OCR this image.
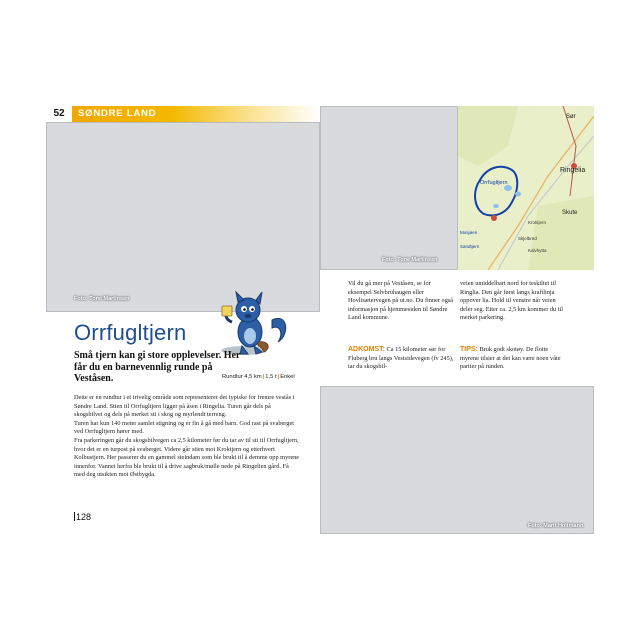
52	SØNDRE LAND
Foto: Tone Martinsen
Orrfugltjern
Små tjern kan gi store opplevelser. Her får du en barnevennlig runde på Veståsen.	Rundtur 4,5 km|1,5 t|Enkel

Dette er en rundtur i et trivelig område som representerer det typiske for fremre vestås i Søndre Land. Stien til Orrfugltjern ligger på åsen i Ringelia. Turen går dels på skogsbilvei og dels på merket sti i skog og myrlendt terreng.

Turen har kun 140 meter samlet stigning og er fin å gå med barn. God rast på svaberget ved Orrfugltjern hører med.

Fra parkeringen går du skogsbilvegen ca 2,5 kilometer før du tar av til sti til Orrfugltjern, hvor det er en turpost på svaberget. Videre går stien mot Kroktjern og etterhvert Kolbustjern. Her passerer du en gammel steindam som ble brukt til å demme opp myrene innenfor. Vannet herfra ble brukt til å drive sagbruk/mølle nede på Ringelien gård. Få med deg utsikten mot Østbygda.

128
Foto: Tone Martinsen
Sør
Ringelia
Orrfugltjern
Skute
Kroktjern
Mosjøen
Sandtjern
Skjelbred
Kalvhytta
Vil du gå mer på Veståsen, se for eksempel Selvbruhaugen eller Hovlisætervegen på ut.no. Du finner også informasjon på hjemmesiden til Søndre Land kommune.
veien umiddelbart nord for teskiltet til Ringlia. Den går først langs kraftlinja oppover lia. Hold til venstre når veien deler seg. Etter ca. 2,5 km kommer du til merket parkering.
ADKOMST: Ca 15 kilometer sør for Fluberg bru langs Vestsidevegen (fv 245), tar du skogsbil-
TIPS: Bruk godt skotøy. De flotte myrene tilsier at det kan være noen våte partier på runden.
Foto: Marit Holtmann
